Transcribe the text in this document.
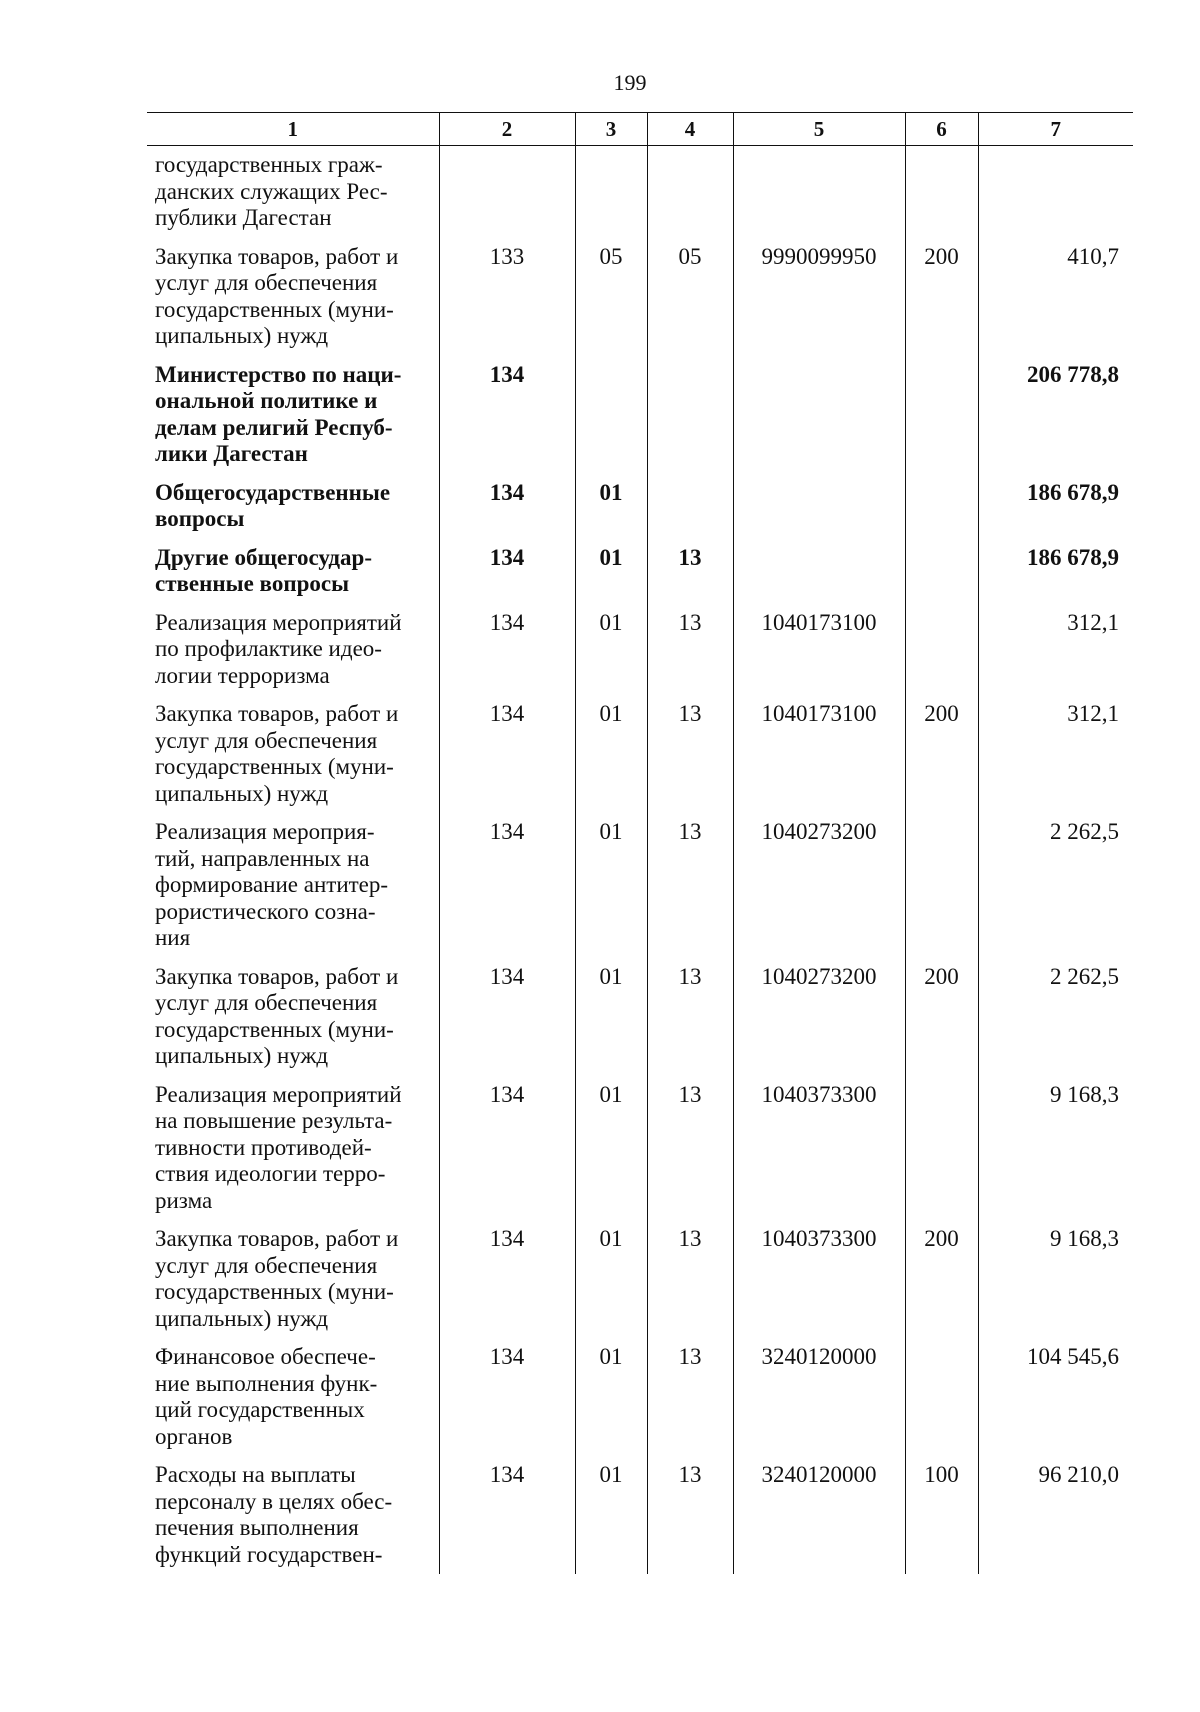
199
1	2	3	4	5	6	7

государственных граж-
данских служащих Рес-
публики Дагестан						

Закупка товаров, работ и
услуг для обеспечения
государственных (муни-
ципальных) нужд	133	05	05	9990099950	200	410,7

Министерство по наци-
ональной политике и
делам религий Респуб-
лики Дагестан	134					206 778,8

Общегосударственные
вопросы	134	01				186 678,9

Другие общегосудар-
ственные вопросы	134	01	13			186 678,9

Реализация мероприятий
по профилактике идео-
логии терроризма	134	01	13	1040173100		312,1

Закупка товаров, работ и
услуг для обеспечения
государственных (муни-
ципальных) нужд	134	01	13	1040173100	200	312,1

Реализация мероприя-
тий, направленных на
формирование антитер-
рористического созна-
ния	134	01	13	1040273200		2 262,5

Закупка товаров, работ и
услуг для обеспечения
государственных (муни-
ципальных) нужд	134	01	13	1040273200	200	2 262,5

Реализация мероприятий
на повышение результа-
тивности противодей-
ствия идеологии терро-
ризма	134	01	13	1040373300		9 168,3

Закупка товаров, работ и
услуг для обеспечения
государственных (муни-
ципальных) нужд	134	01	13	1040373300	200	9 168,3

Финансовое обеспече-
ние выполнения функ-
ций государственных
органов	134	01	13	3240120000		104 545,6

Расходы на выплаты
персоналу в целях обес-
печения выполнения
функций государствен-	134	01	13	3240120000	100	96 210,0
